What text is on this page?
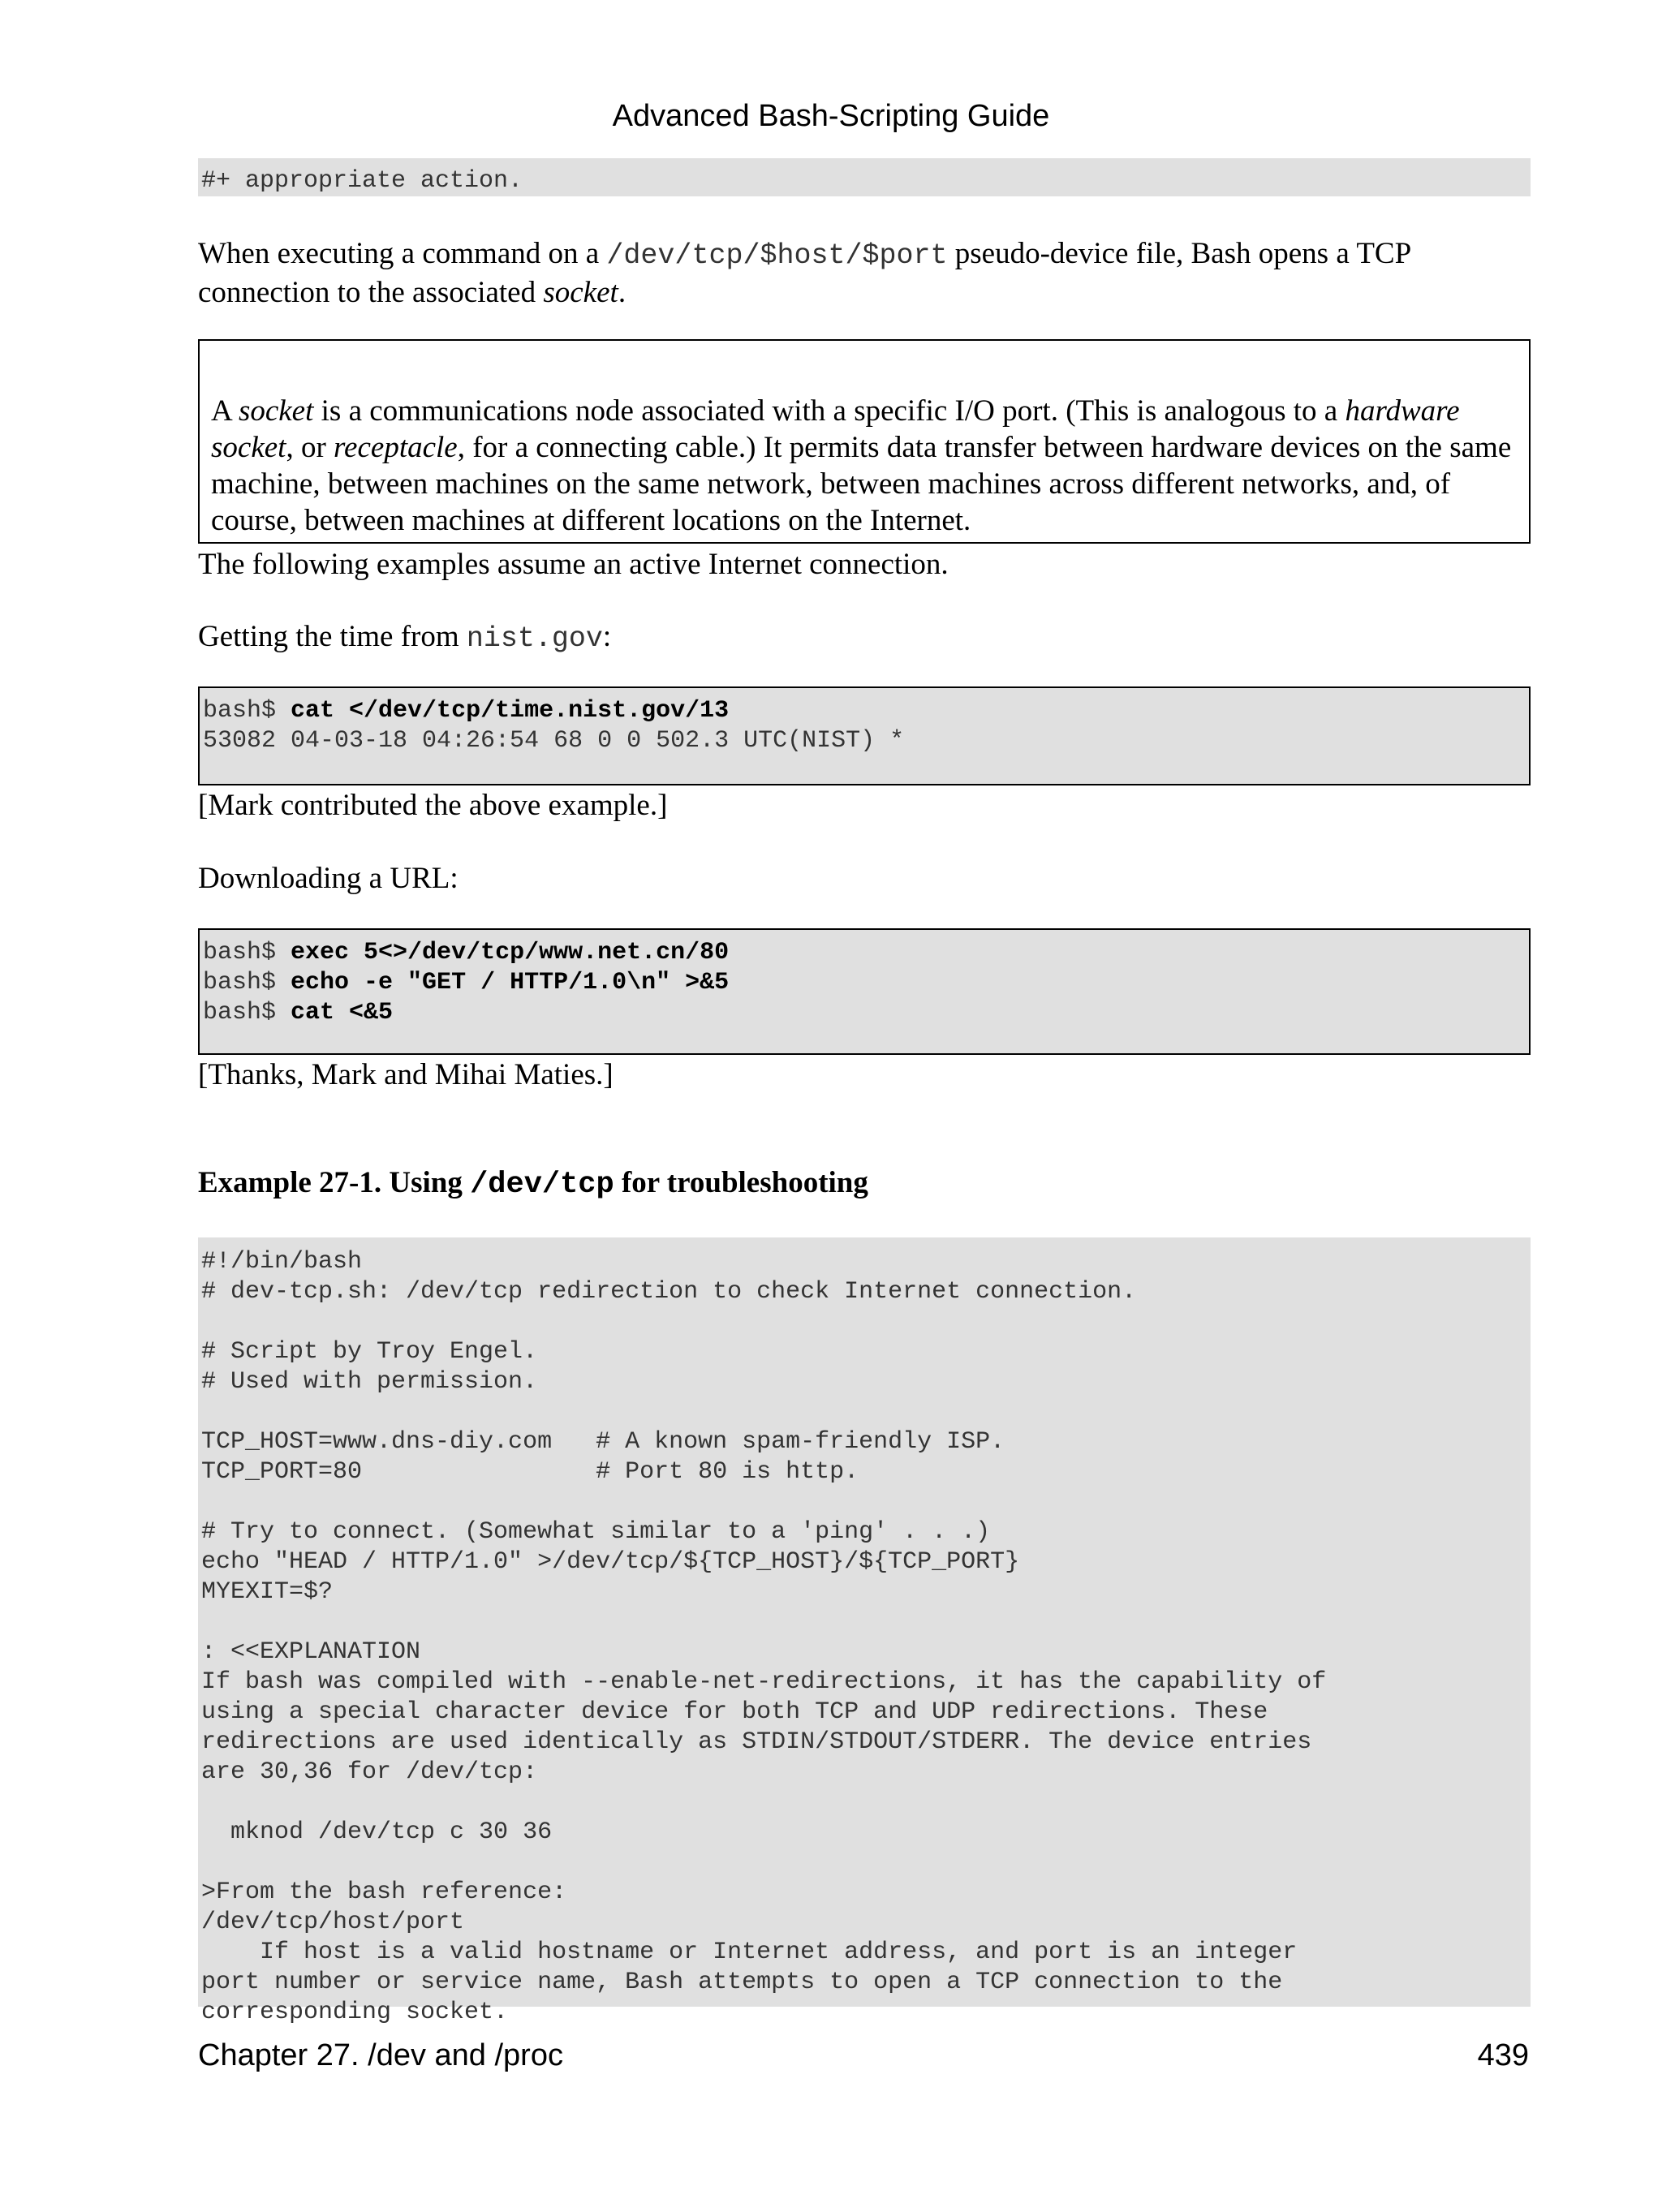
Advanced Bash-Scripting Guide
#+ appropriate action.
When executing a command on a /dev/tcp/$host/$port pseudo-device file, Bash opens a TCP connection to the associated socket.
A socket is a communications node associated with a specific I/O port. (This is analogous to a hardware socket, or receptacle, for a connecting cable.) It permits data transfer between hardware devices on the same machine, between machines on the same network, between machines across different networks, and, of course, between machines at different locations on the Internet.
The following examples assume an active Internet connection.
Getting the time from nist.gov:
bash$ cat </dev/tcp/time.nist.gov/13
53082 04-03-18 04:26:54 68 0 0 502.3 UTC(NIST) *
[Mark contributed the above example.]
Downloading a URL:
bash$ exec 5<>/dev/tcp/www.net.cn/80
bash$ echo -e "GET / HTTP/1.0\n" >&5
bash$ cat <&5
[Thanks, Mark and Mihai Maties.]
Example 27-1. Using /dev/tcp for troubleshooting
#!/bin/bash
# dev-tcp.sh: /dev/tcp redirection to check Internet connection.

# Script by Troy Engel.
# Used with permission.

TCP_HOST=www.dns-diy.com   # A known spam-friendly ISP.
TCP_PORT=80                # Port 80 is http.

# Try to connect. (Somewhat similar to a 'ping' . . .)
echo "HEAD / HTTP/1.0" >/dev/tcp/${TCP_HOST}/${TCP_PORT}
MYEXIT=$?

: <<EXPLANATION
If bash was compiled with --enable-net-redirections, it has the capability of
using a special character device for both TCP and UDP redirections. These
redirections are used identically as STDIN/STDOUT/STDERR. The device entries
are 30,36 for /dev/tcp:

mknod /dev/tcp c 30 36

>From the bash reference:
/dev/tcp/host/port
If host is a valid hostname or Internet address, and port is an integer
port number or service name, Bash attempts to open a TCP connection to the
corresponding socket.
Chapter 27. /dev and /proc	439
